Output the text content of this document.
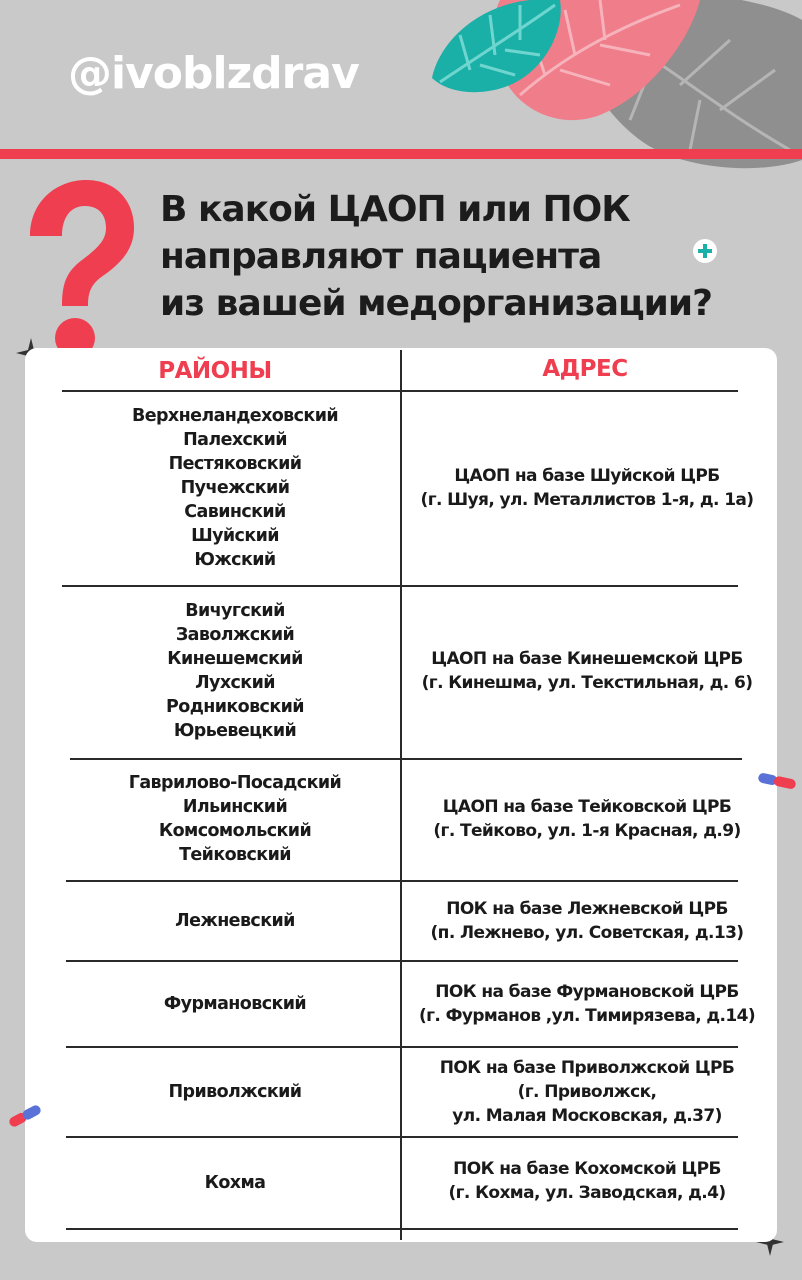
@ivoblzdrav
В какой ЦАОП или ПОК
направляют пациента
из вашей медорганизации?
РАЙОНЫ	АДРЕС
Верхнеландеховский
Палехский
Пестяковский
Пучежский
Савинский
Шуйский
Южский
ЦАОП на базе Шуйской ЦРБ
(г. Шуя, ул. Металлистов 1-я, д. 1а)
Вичугский
Заволжский
Кинешемский
Лухский
Родниковский
Юрьевецкий
ЦАОП на базе Кинешемской ЦРБ
(г. Кинешма, ул. Текстильная, д. 6)
Гаврилово-Посадский
Ильинский
Комсомольский
Тейковский
ЦАОП на базе Тейковской ЦРБ
(г. Тейково, ул. 1-я Красная, д.9)
Лежневский
ПОК на базе Лежневской ЦРБ
(п. Лежнево, ул. Советская, д.13)
Фурмановский
ПОК на базе Фурмановской ЦРБ
(г. Фурманов ,ул. Тимирязева, д.14)
Приволжский
ПОК на базе Приволжской ЦРБ
(г. Приволжск,
ул. Малая Московская, д.37)
Кохма
ПОК на базе Кохомской ЦРБ
(г. Кохма, ул. Заводская, д.4)
